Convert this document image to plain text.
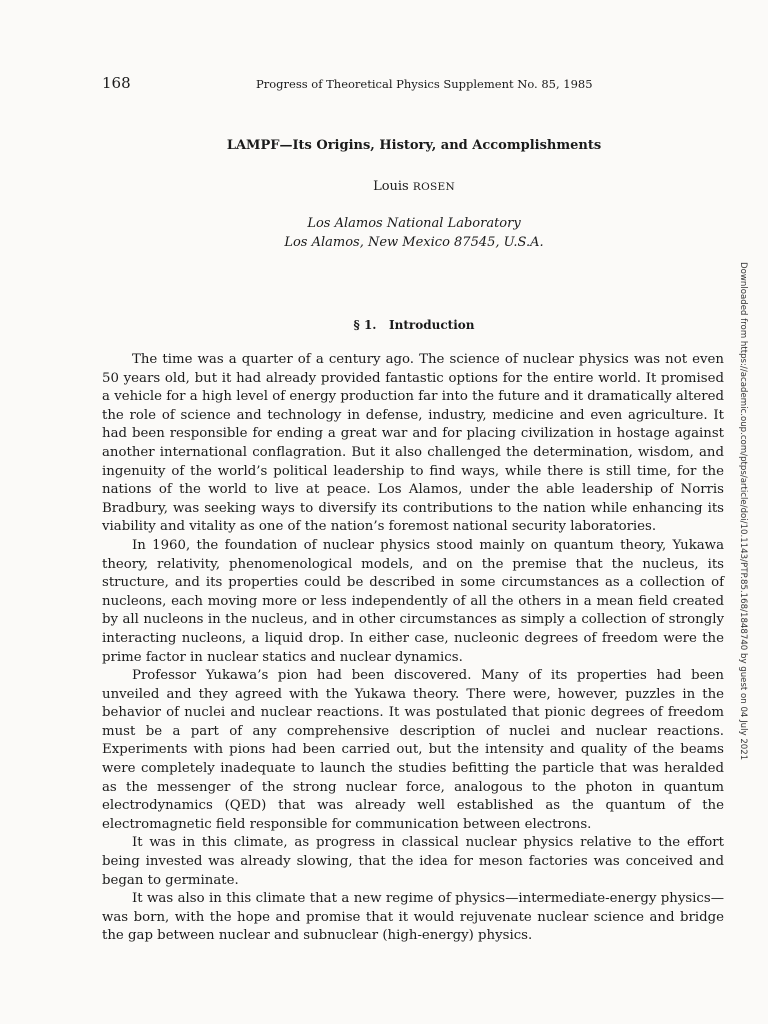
168	Progress of Theoretical Physics Supplement No. 85, 1985
LAMPF—Its Origins, History, and Accomplishments
Louis ROSEN
Los Alamos National Laboratory
Los Alamos, New Mexico 87545, U.S.A.
§ 1. Introduction

The time was a quarter of a century ago. The science of nuclear physics was not even 50 years old, but it had already provided fantastic options for the entire world. It promised a vehicle for a high level of energy production far into the future and it dramatically altered the role of science and technology in defense, industry, medicine and even agriculture. It had been responsible for ending a great war and for placing civilization in hostage against another international conflagration. But it also challenged the determination, wisdom, and ingenuity of the world’s political leadership to find ways, while there is still time, for the nations of the world to live at peace. Los Alamos, under the able leadership of Norris Bradbury, was seeking ways to diversify its contributions to the nation while enhancing its viability and vitality as one of the nation’s foremost national security laboratories.

In 1960, the foundation of nuclear physics stood mainly on quantum theory, Yukawa theory, relativity, phenomenological models, and on the premise that the nucleus, its structure, and its properties could be described in some circumstances as a collection of nucleons, each moving more or less independently of all the others in a mean field created by all nucleons in the nucleus, and in other circumstances as simply a collection of strongly interacting nucleons, a liquid drop. In either case, nucleonic degrees of freedom were the prime factor in nuclear statics and nuclear dynamics.

Professor Yukawa’s pion had been discovered. Many of its properties had been unveiled and they agreed with the Yukawa theory. There were, however, puzzles in the behavior of nuclei and nuclear reactions. It was postulated that pionic degrees of freedom must be a part of any comprehensive description of nuclei and nuclear reactions. Experiments with pions had been carried out, but the intensity and quality of the beams were completely inadequate to launch the studies befitting the particle that was heralded as the messenger of the strong nuclear force, analogous to the photon in quantum electrodynamics (QED) that was already well established as the quantum of the electromagnetic field responsible for communication between electrons.

It was in this climate, as progress in classical nuclear physics relative to the effort being invested was already slowing, that the idea for meson factories was conceived and began to germinate.

It was also in this climate that a new regime of physics—intermediate-energy physics—was born, with the hope and promise that it would rejuvenate nuclear science and bridge the gap between nuclear and subnuclear (high-energy) physics.

Downloaded from https://academic.oup.com/ptps/article/doi/10.1143/PTP.85.168/1848740 by guest on 04 July 2021
